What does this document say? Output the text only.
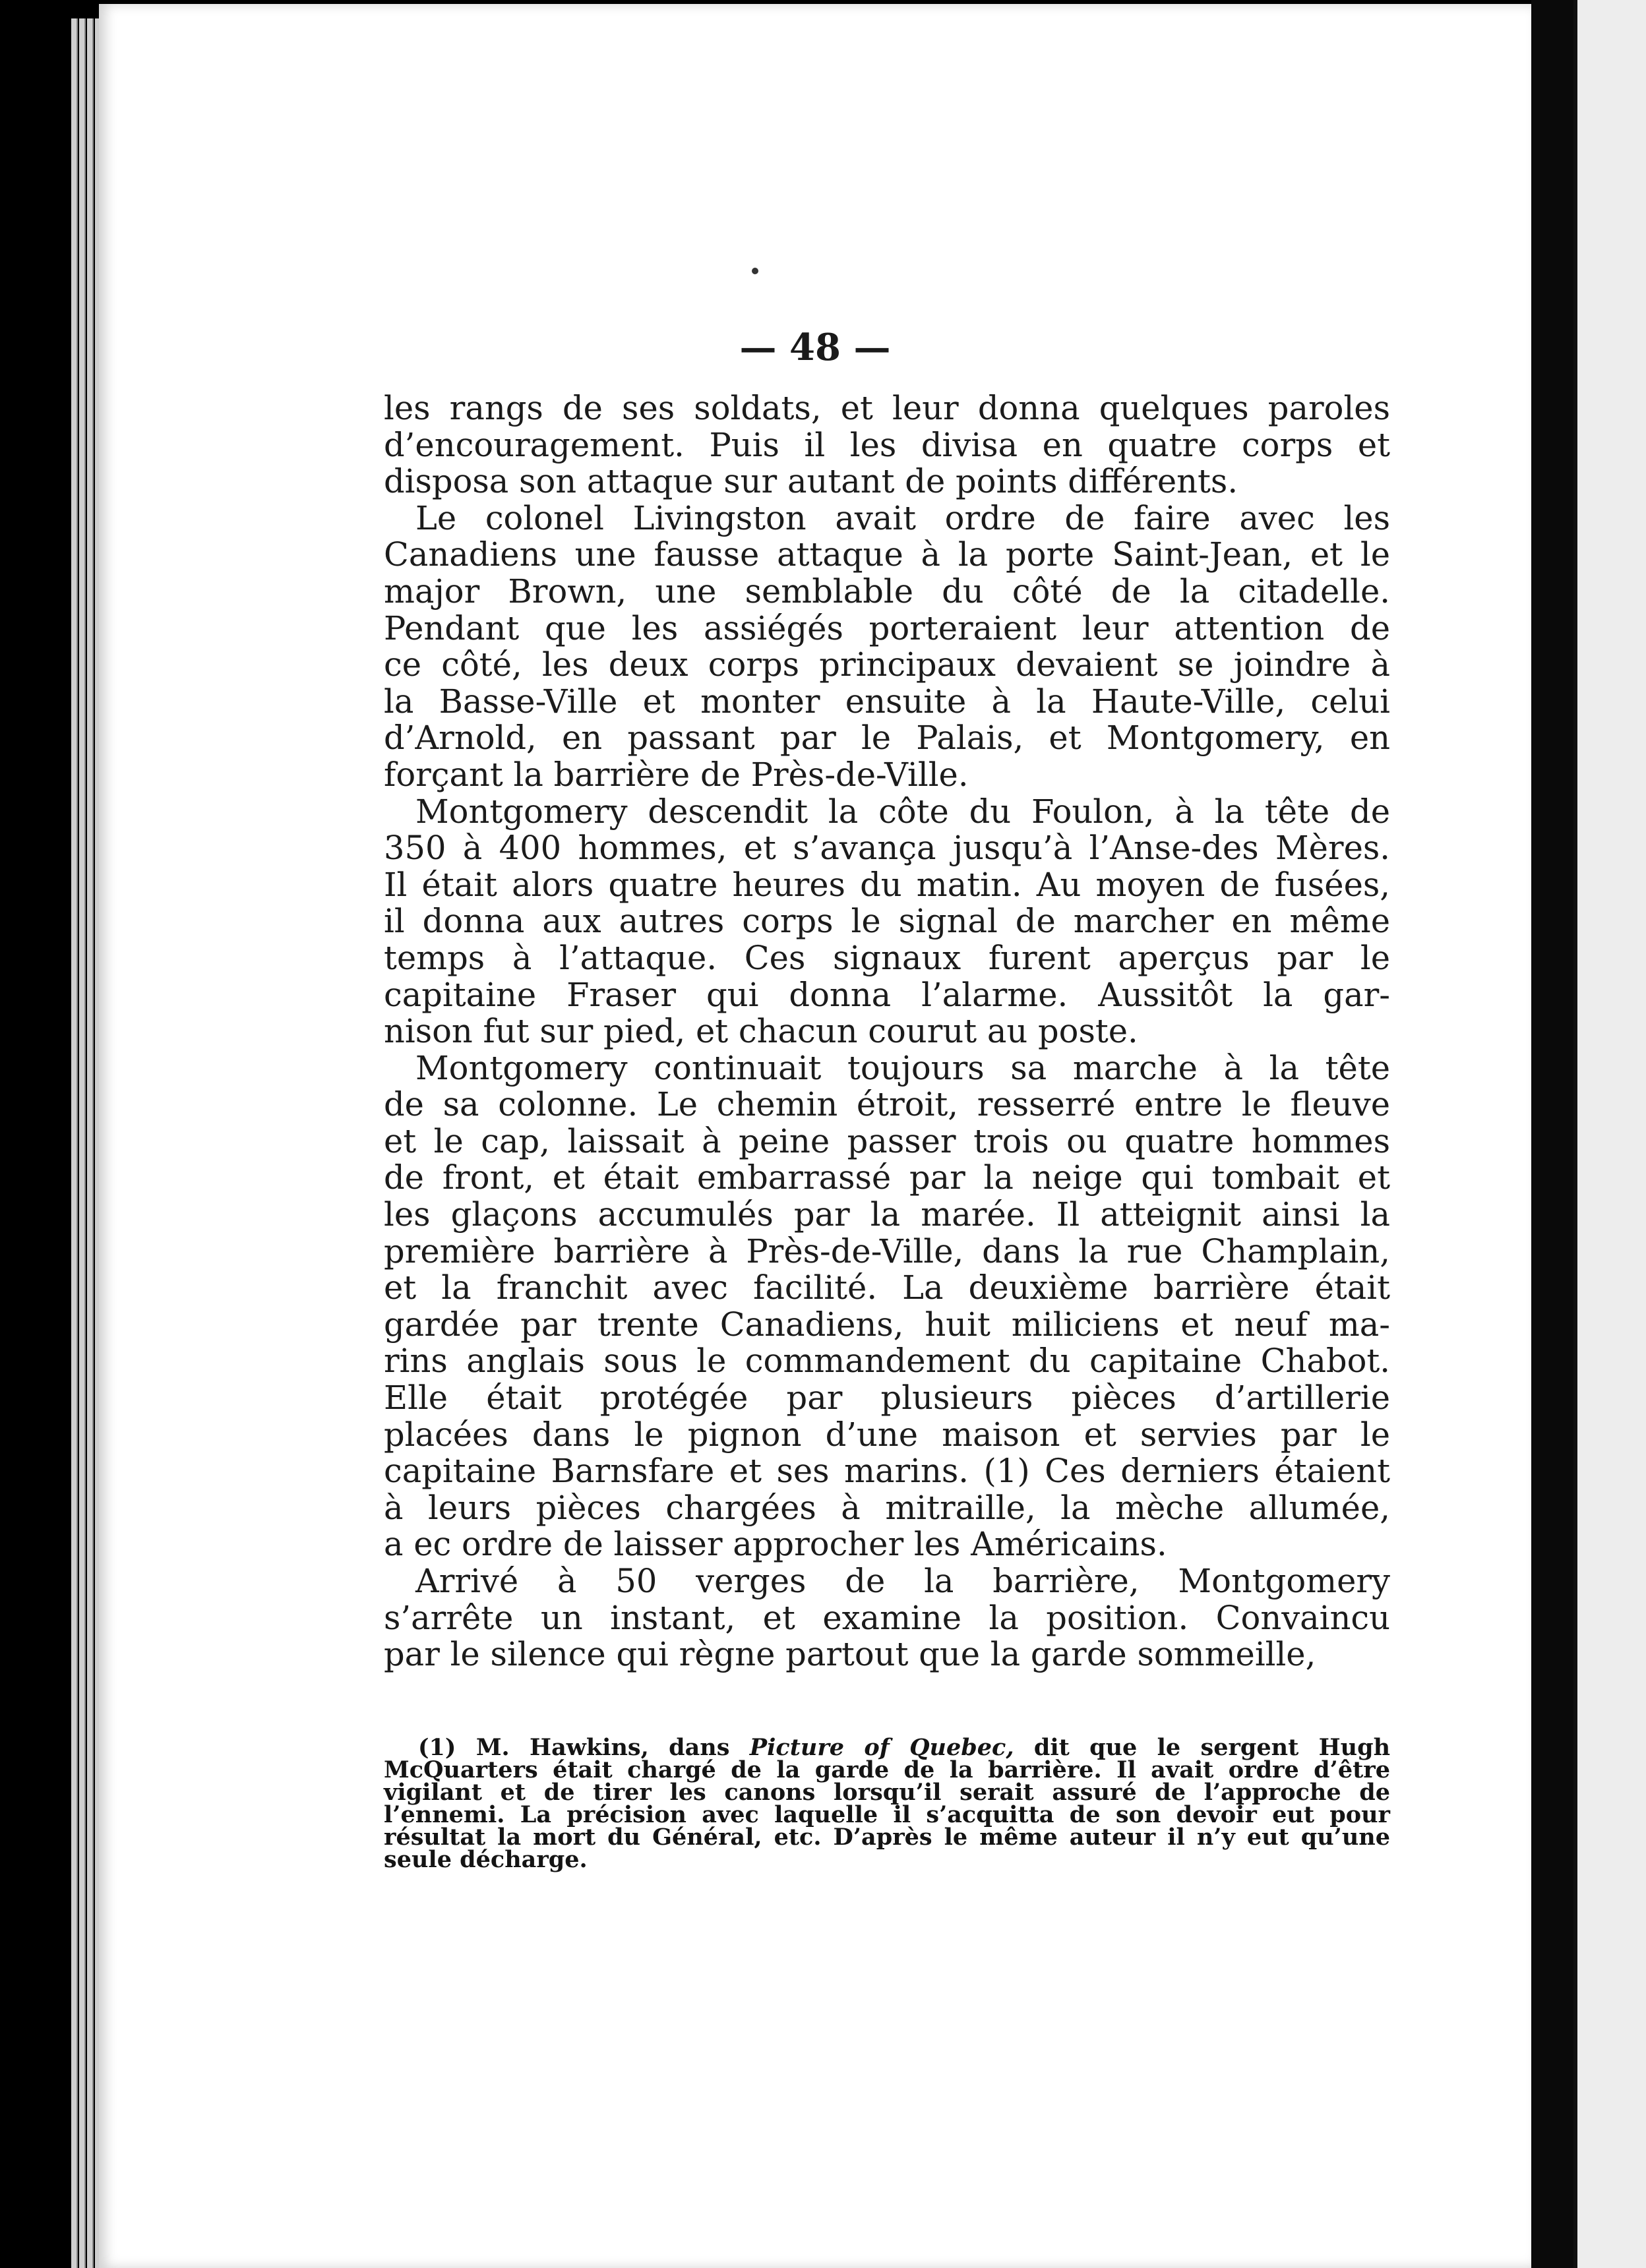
— 48 —

les rangs de ses soldats, et leur donna quelques paroles

d’encouragement. Puis il les divisa en quatre corps et

disposa son attaque sur autant de points différents.

Le colonel Livingston avait ordre de faire avec les

Canadiens une fausse attaque à la porte Saint-Jean, et le

major Brown, une semblable du côté de la citadelle.

Pendant que les assiégés porteraient leur attention de

ce côté, les deux corps principaux devaient se joindre à

la Basse-Ville et monter ensuite à la Haute-Ville, celui

d’Arnold, en passant par le Palais, et Montgomery, en

forçant la barrière de Près-de-Ville.

Montgomery descendit la côte du Foulon, à la tête de

350 à 400 hommes, et s’avança jusqu’à l’Anse-des Mères.

Il était alors quatre heures du matin. Au moyen de fusées,

il donna aux autres corps le signal de marcher en même

temps à l’attaque. Ces signaux furent aperçus par le

capitaine Fraser qui donna l’alarme. Aussitôt la gar-

nison fut sur pied, et chacun courut au poste.

Montgomery continuait toujours sa marche à la tête

de sa colonne. Le chemin étroit, resserré entre le fleuve

et le cap, laissait à peine passer trois ou quatre hommes

de front, et était embarrassé par la neige qui tombait et

les glaçons accumulés par la marée. Il atteignit ainsi la

première barrière à Près-de-Ville, dans la rue Champlain,

et la franchit avec facilité. La deuxième barrière était

gardée par trente Canadiens, huit miliciens et neuf ma-

rins anglais sous le commandement du capitaine Chabot.

Elle était protégée par plusieurs pièces d’artillerie

placées dans le pignon d’une maison et servies par le

capitaine Barnsfare et ses marins. (1) Ces derniers étaient

à leurs pièces chargées à mitraille, la mèche allumée,

a ec ordre de laisser approcher les Américains.

Arrivé à 50 verges de la barrière, Montgomery

s’arrête un instant, et examine la position. Convaincu

par le silence qui règne partout que la garde sommeille,

(1) M. Hawkins, dans Picture of Quebec, dit que le sergent Hugh McQuarters était chargé de la garde de la barrière. Il avait ordre d’être vigilant et de tirer les canons lorsqu’il serait assuré de l’approche de l’ennemi. La précision avec laquelle il s’acquitta de son devoir eut pour résultat la mort du Général, etc. D’après le même auteur il n’y eut qu’une seule décharge.
